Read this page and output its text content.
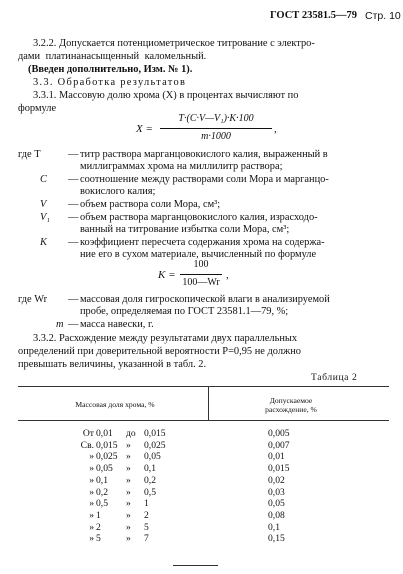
ГОСТ 23581.5—79 Стр. 10
3.2.2. Допускается потенциометрическое титрование с электро-
дами платинанасыщенный каломельный.
(Введен дополнительно, Изм. № 1).
3.3. Обработка результатов
3.3.1. Массовую долю хрома (X) в процентах вычисляют по
формуле
X =
T·(C·V—V₁)·K·100
m·1000
,
где T	— титр раствора марганцовокислого калия, выраженный в
миллиграммах хрома на миллилитр раствора;
C — соотношение между растворами соли Мора и марганцо-
вокислого калия;
V — объем раствора соли Мора, см³;
V₁ — объем раствора марганцовокислого калия, израсходо-
ванный на титрование избытка соли Мора, см³;
K — коэффициент пересчета содержания хрома на содержа-
ние его в сухом материале, вычисленный по формуле
K =
100
100—Wr
,
где Wr — массовая доля гигроскопической влаги в анализируемой
пробе, определяемая по ГОСТ 23581.1—79, %;
m — масса навески, г.
3.3.2. Расхождение между результатами двух параллельных
определений при доверительной вероятности P=0,95 не должно
превышать величины, указанной в табл. 2.
Таблица 2
Массовая доля хрома, %	Допускаемое расхождение, %
От 0,01	до 0,015	0,005
Св. 0,015 »	0,025	0,007
» 0,025 »	0,05	0,01
» 0,05	»	0,1	0,015
» 0,1	»	0,2	0,02
» 0,2	»	0,5	0,03
» 0,5	»	1	0,05
» 1	»	2	0,08
» 2	»	5	0,1
» 5	»	7	0,15
